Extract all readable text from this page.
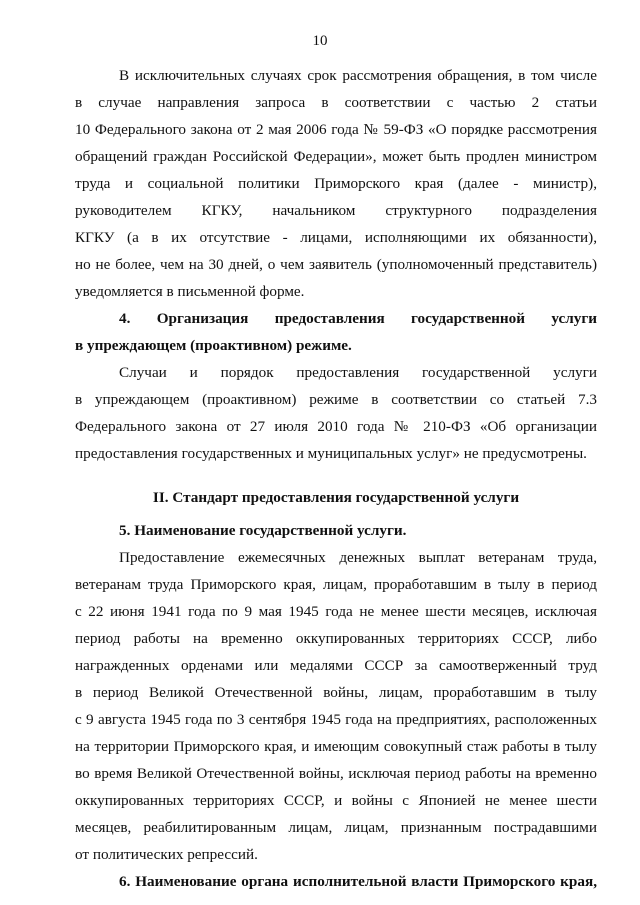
10
В исключительных случаях срок рассмотрения обращения, в том числе
в случае направления запроса в соответствии с частью 2 статьи
10 Федерального закона от 2 мая 2006 года № 59-ФЗ «О порядке рассмотрения
обращений граждан Российской Федерации», может быть продлен министром
труда и социальной политики Приморского края (далее - министр),
руководителем КГКУ, начальником структурного подразделения
КГКУ (а в их отсутствие - лицами, исполняющими их обязанности),
но не более, чем на 30 дней, о чем заявитель (уполномоченный представитель)
уведомляется в письменной форме.
4. Организация предоставления государственной услуги
в упреждающем (проактивном) режиме.
Случаи и порядок предоставления государственной услуги
в упреждающем (проактивном) режиме в соответствии со статьей 7.3
Федерального закона от 27 июля 2010 года № 210-ФЗ «Об организации
предоставления государственных и муниципальных услуг» не предусмотрены.
II. Стандарт предоставления государственной услуги
5. Наименование государственной услуги.
Предоставление ежемесячных денежных выплат ветеранам труда,
ветеранам труда Приморского края, лицам, проработавшим в тылу в период
с 22 июня 1941 года по 9 мая 1945 года не менее шести месяцев, исключая
период работы на временно оккупированных территориях СССР, либо
награжденных орденами или медалями СССР за самоотверженный труд
в период Великой Отечественной войны, лицам, проработавшим в тылу
с 9 августа 1945 года по 3 сентября 1945 года на предприятиях, расположенных
на территории Приморского края, и имеющим совокупный стаж работы в тылу
во время Великой Отечественной войны, исключая период работы на временно
оккупированных территориях СССР, и войны с Японией не менее шести
месяцев, реабилитированным лицам, лицам, признанным пострадавшими
от политических репрессий.
6. Наименование органа исполнительной власти Приморского края,
